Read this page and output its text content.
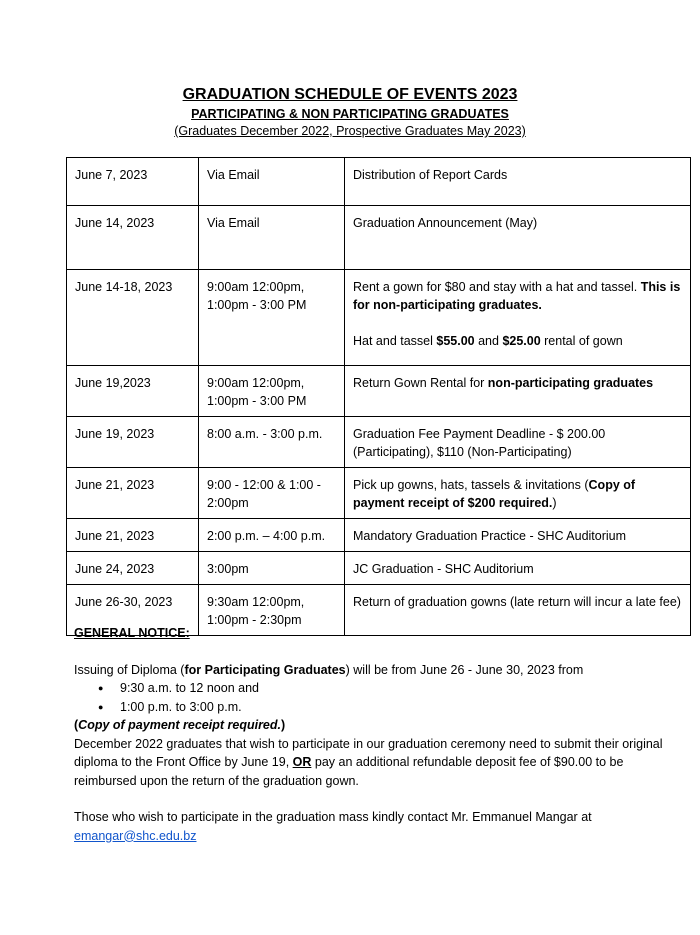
GRADUATION SCHEDULE OF EVENTS 2023
PARTICIPATING & NON PARTICIPATING GRADUATES
(Graduates December 2022, Prospective Graduates May 2023)
June 7, 2023	Via Email	Distribution of Report Cards
June 14, 2023	Via Email	Graduation Announcement (May)
June 14-18, 2023	9:00am 12:00pm, 1:00pm - 3:00 PM	Rent a gown for $80 and stay with a hat and tassel. This is for non-participating graduates.
Hat and tassel $55.00 and $25.00 rental of gown
June 19,2023	9:00am 12:00pm, 1:00pm - 3:00 PM	Return Gown Rental for non-participating graduates
June 19, 2023	8:00 a.m. - 3:00 p.m.	Graduation Fee Payment Deadline - $ 200.00 (Participating), $110 (Non-Participating)
June 21, 2023	9:00 - 12:00 & 1:00 - 2:00pm	Pick up gowns, hats, tassels & invitations (Copy of payment receipt of $200 required.)
June 21, 2023	2:00 p.m. – 4:00 p.m.	Mandatory Graduation Practice - SHC Auditorium
June 24, 2023	3:00pm	JC Graduation - SHC Auditorium
June 26-30, 2023	9:30am 12:00pm, 1:00pm - 2:30pm	Return of graduation gowns (late return will incur a late fee)

GENERAL NOTICE:

Issuing of Diploma (for Participating Graduates) will be from June 26 - June 30, 2023 from

● 9:30 a.m. to 12 noon and
● 1:00 p.m. to 3:00 p.m.

(Copy of payment receipt required.)

December 2022 graduates that wish to participate in our graduation ceremony need to submit their original diploma to the Front Office by June 19, OR pay an additional refundable deposit fee of $90.00 to be reimbursed upon the return of the graduation gown.

Those who wish to participate in the graduation mass kindly contact Mr. Emmanuel Mangar at

emangar@shc.edu.bz
